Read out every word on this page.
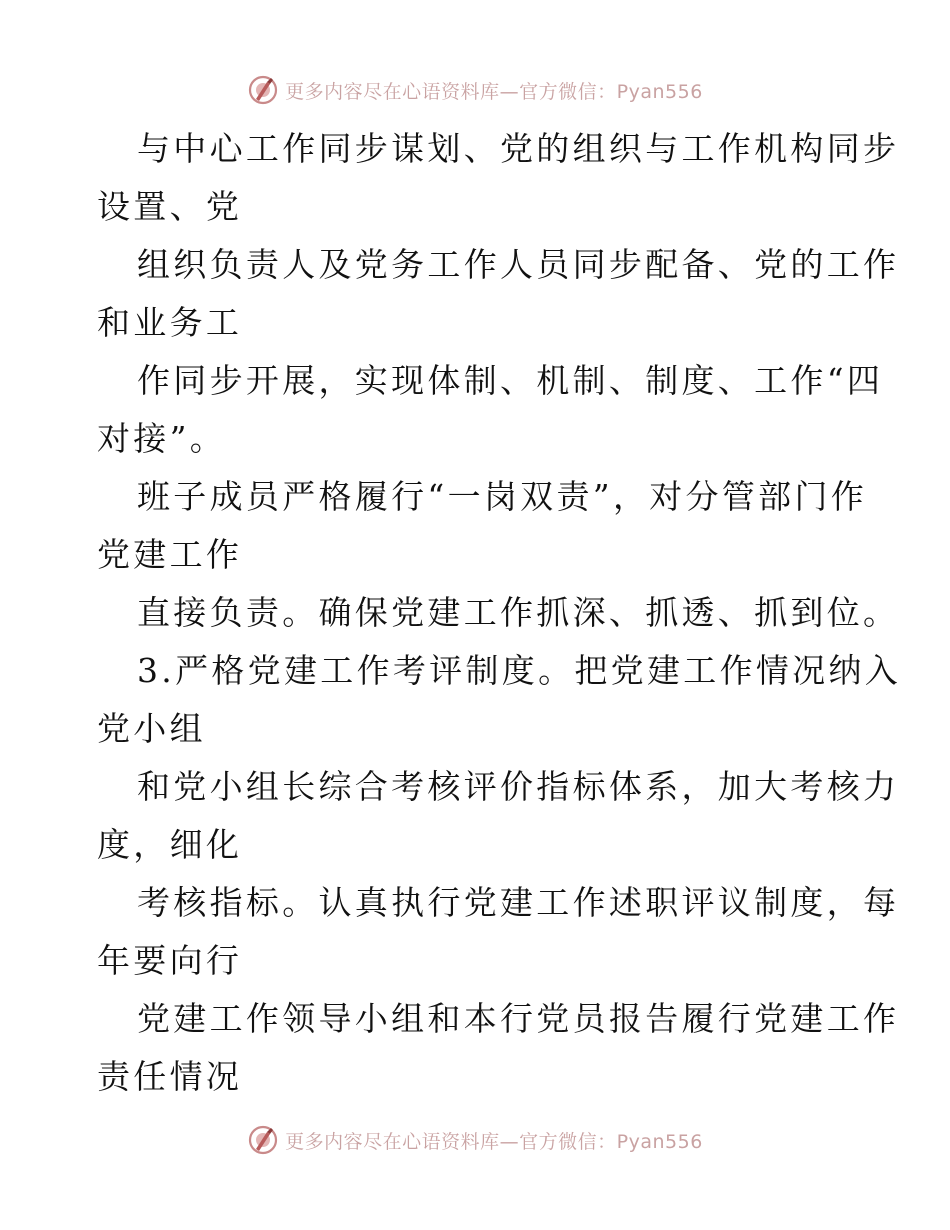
更多内容尽在心语资料库—官方微信：Pyan556
与中心工作同步谋划、党的组织与工作机构同步
设置、党
组织负责人及党务工作人员同步配备、党的工作
和业务工
作同步开展，实现体制、机制、制度、工作“四
对接”。
班子成员严格履行“一岗双责”，对分管部门作
党建工作
直接负责。确保党建工作抓深、抓透、抓到位。
3.严格党建工作考评制度。把党建工作情况纳入
党小组
和党小组长综合考核评价指标体系，加大考核力
度，细化
考核指标。认真执行党建工作述职评议制度，每
年要向行
党建工作领导小组和本行党员报告履行党建工作
责任情况
更多内容尽在心语资料库—官方微信：Pyan556
